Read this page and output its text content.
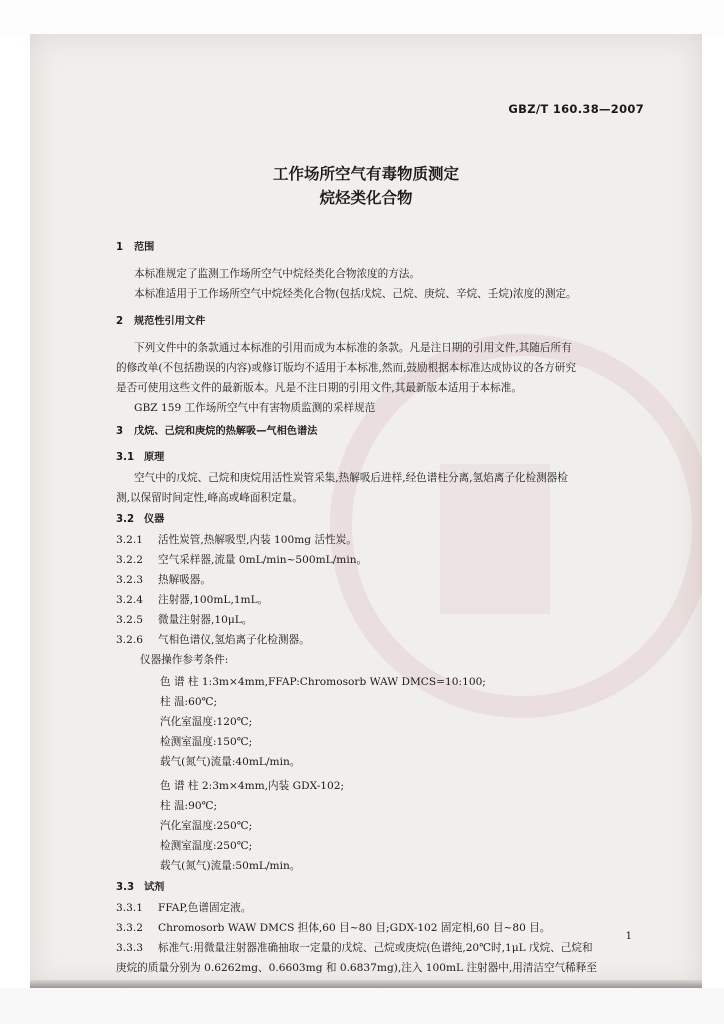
GBZ/T 160.38—2007
工作场所空气有毒物质测定
烷烃类化合物
1 范围
本标准规定了监测工作场所空气中烷烃类化合物浓度的方法。
本标准适用于工作场所空气中烷烃类化合物(包括戊烷、己烷、庚烷、辛烷、壬烷)浓度的测定。
2 规范性引用文件
下列文件中的条款通过本标准的引用而成为本标准的条款。凡是注日期的引用文件,其随后所有
的修改单(不包括勘误的内容)或修订版均不适用于本标准,然而,鼓励根据本标准达成协议的各方研究
是否可使用这些文件的最新版本。凡是不注日期的引用文件,其最新版本适用于本标准。
GBZ 159 工作场所空气中有害物质监测的采样规范
3 戊烷、己烷和庚烷的热解吸—气相色谱法
3.1 原理
空气中的戊烷、己烷和庚烷用活性炭管采集,热解吸后进样,经色谱柱分离,氢焰离子化检测器检
测,以保留时间定性,峰高或峰面积定量。
3.2 仪器
3.2.1 活性炭管,热解吸型,内装 100mg 活性炭。
3.2.2 空气采样器,流量 0mL/min~500mL/min。
3.2.3 热解吸器。
3.2.4 注射器,100mL,1mL。
3.2.5 微量注射器,10μL。
3.2.6 气相色谱仪,氢焰离子化检测器。
仪器操作参考条件:
色 谱 柱 1:3m×4mm,FFAP:Chromosorb WAW DMCS=10:100;
柱 温:60℃;
汽化室温度:120℃;
检测室温度:150℃;
载气(氮气)流量:40mL/min。
色 谱 柱 2:3m×4mm,内装 GDX-102;
柱 温:90℃;
汽化室温度:250℃;
检测室温度:250℃;
载气(氮气)流量:50mL/min。
3.3 试剂
3.3.1 FFAP,色谱固定液。
3.3.2 Chromosorb WAW DMCS 担体,60 目~80 目;GDX-102 固定相,60 目~80 目。
3.3.3 标准气:用微量注射器准确抽取一定量的戊烷、己烷或庚烷(色谱纯,20℃时,1μL 戊烷、己烷和
庚烷的质量分别为 0.6262mg、0.6603mg 和 0.6837mg),注入 100mL 注射器中,用清洁空气稀释至
1
